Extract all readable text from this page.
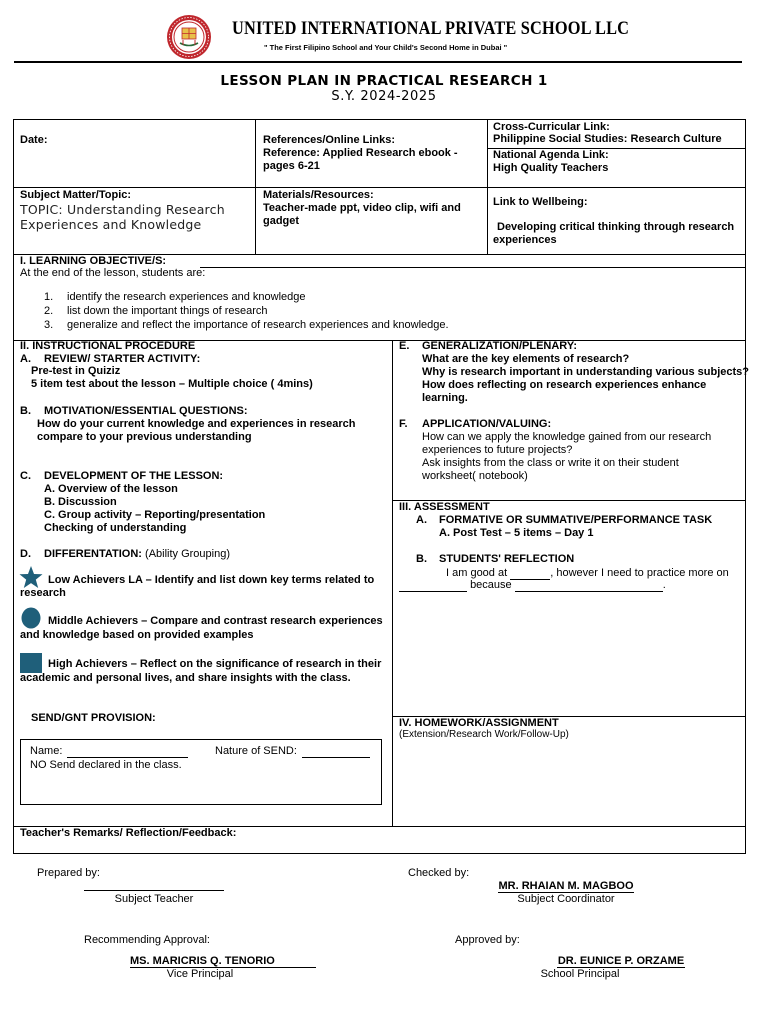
UNITED INTERNATIONAL PRIVATE SCHOOL LLC
" The First Filipino School and Your Child's Second Home in Dubai "
LESSON PLAN IN PRACTICAL RESEARCH 1
S.Y. 2024-2025
Date:	References/Online Links:
Reference: Applied Research ebook - pages 6-21
Cross-Curricular Link:
Philippine Social Studies: Research Culture
National Agenda Link:
High Quality Teachers
Subject Matter/Topic:
TOPIC: Understanding Research Experiences and Knowledge
Materials/Resources:
Teacher-made ppt, video clip, wifi and gadget
Link to Wellbeing:
Developing critical thinking through research experiences
I. LEARNING OBJECTIVE/S:
At the end of the lesson, students are:
1. identify the research experiences and knowledge
2. list down the important things of research
3. generalize and reflect the importance of research experiences and knowledge.
II. INSTRUCTIONAL PROCEDURE
A. REVIEW/ STARTER ACTIVITY:
Pre-test in Quiziz
5 item test about the lesson – Multiple choice ( 4mins)
B. MOTIVATION/ESSENTIAL QUESTIONS:
How do your current knowledge and experiences in research
compare to your previous understanding
C. DEVELOPMENT OF THE LESSON:
A. Overview of the lesson
B. Discussion
C. Group activity – Reporting/presentation
Checking of understanding
D. DIFFERENTATION: (Ability Grouping)
Low Achievers LA – Identify and list down key terms related to
research
Middle Achievers – Compare and contrast research experiences
and knowledge based on provided examples
High Achievers – Reflect on the significance of research in their
academic and personal lives, and share insights with the class.
SEND/GNT PROVISION:
Name:	Nature of SEND:
NO Send declared in the class.
E. GENERALIZATION/PLENARY:
What are the key elements of research?
Why is research important in understanding various subjects?
How does reflecting on research experiences enhance
learning.
F. APPLICATION/VALUING:
How can we apply the knowledge gained from our research
experiences to future projects?
Ask insights from the class or write it on their student
worksheet( notebook)
III. ASSESSMENT
A. FORMATIVE OR SUMMATIVE/PERFORMANCE TASK
A. Post Test – 5 items – Day 1
B. STUDENTS' REFLECTION
I am good at	, however I need to practice more on
because	.
IV. HOMEWORK/ASSIGNMENT
(Extension/Research Work/Follow-Up)
Teacher's Remarks/ Reflection/Feedback:
Prepared by:
Subject Teacher
Checked by:
MR. RHAIAN M. MAGBOO
Subject Coordinator
Recommending Approval:
MS. MARICRIS Q. TENORIO
Vice Principal
Approved by:
DR. EUNICE P. ORZAME
School Principal
